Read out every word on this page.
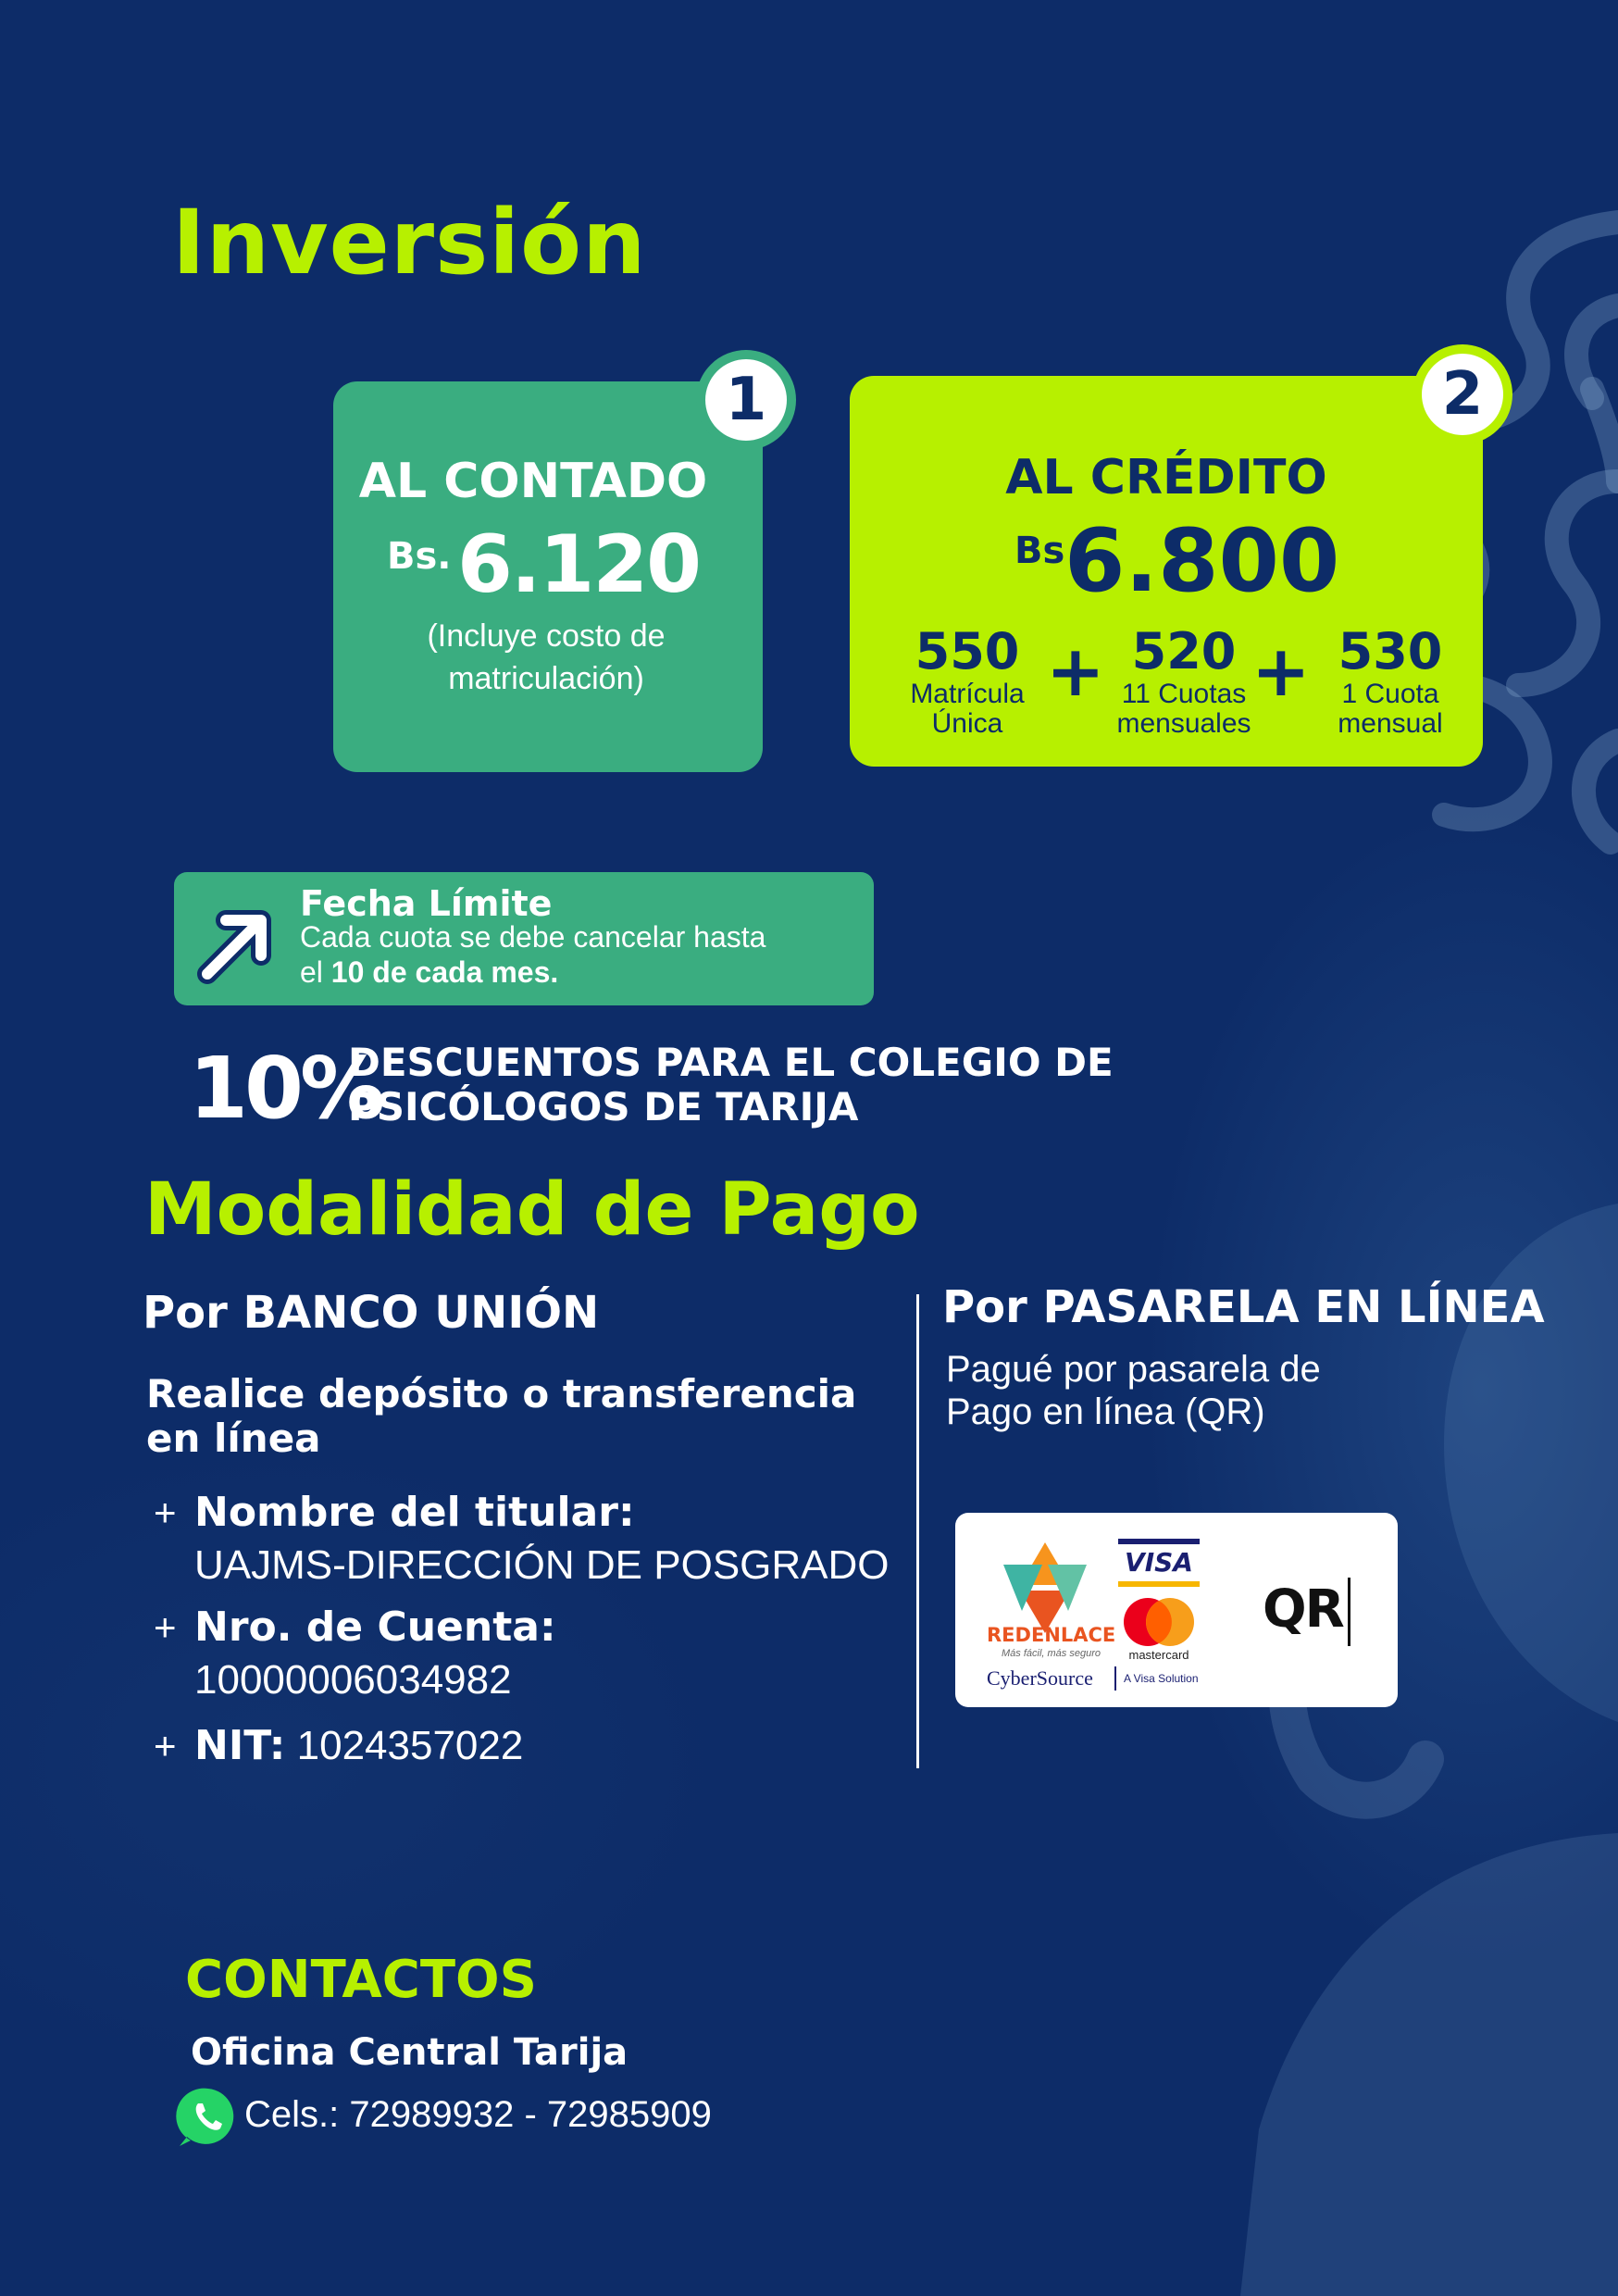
Inversión
1
AL CONTADO
Bs. 6.120
(Incluye costo de
matriculación)
2
AL CRÉDITO
Bs 6.800
550
Matrícula
Única
+ 520
11 Cuotas
mensuales
+ 530
1 Cuota
mensual
Fecha Límite
Cada cuota se debe cancelar hasta
el 10 de cada mes.
10%
DESCUENTOS PARA EL COLEGIO DE
PSICÓLOGOS DE TARIJA
Modalidad de Pago
Por BANCO UNIÓN
Realice depósito o transferencia
en línea
+ Nombre del titular:
UAJMS-DIRECCIÓN DE POSGRADO
+ Nro. de Cuenta:
10000006034982
+ NIT: 1024357022
Por PASARELA EN LÍNEA
Pagué por pasarela de
Pago en línea (QR)
REDENLACE
Más fácil, más seguro
VISA
mastercard
CyberSource	A Visa Solution
QR
CONTACTOS
Oficina Central Tarija
Cels.: 72989932 - 72985909
